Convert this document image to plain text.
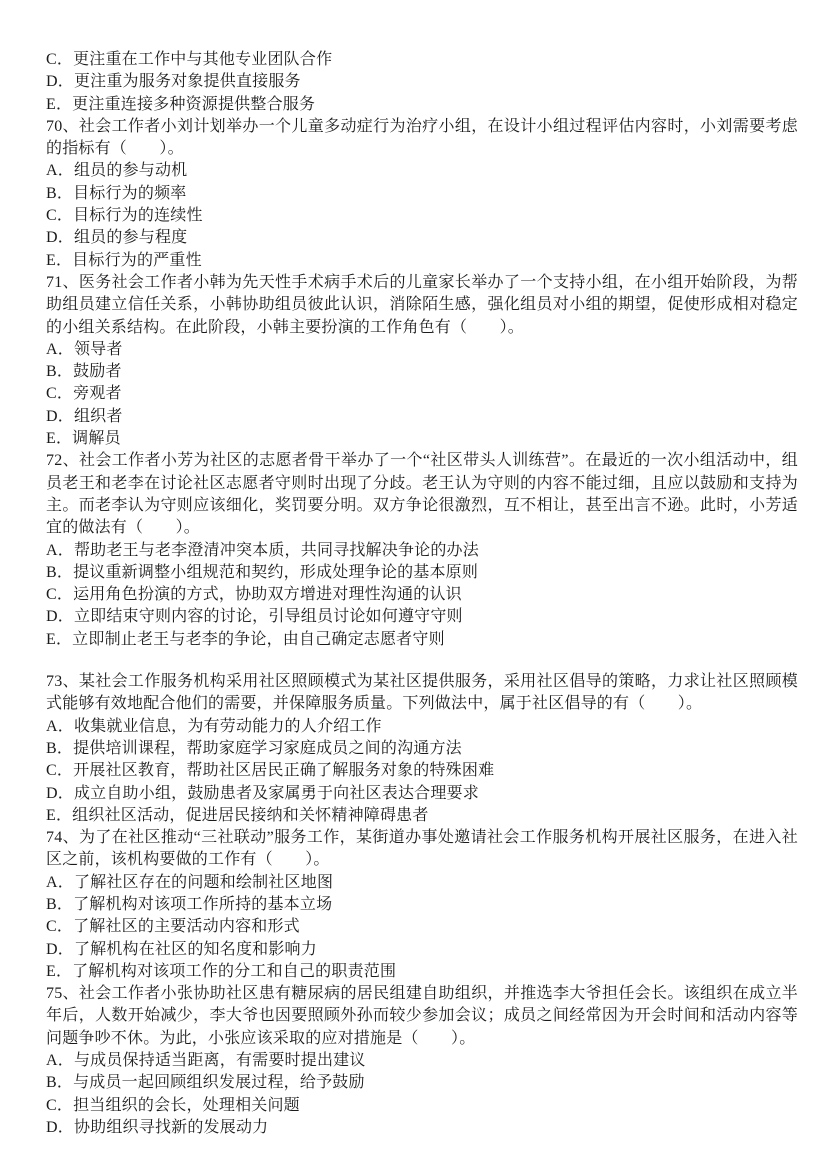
C．更注重在工作中与其他专业团队合作

D．更注重为服务对象提供直接服务

E．更注重连接多种资源提供整合服务

70、社会工作者小刘计划举办一个儿童多动症行为治疗小组，在设计小组过程评估内容时，小刘需要考虑的指标有（　　）。

A．组员的参与动机

B．目标行为的频率

C．目标行为的连续性

D．组员的参与程度

E．目标行为的严重性

71、医务社会工作者小韩为先天性手术病手术后的儿童家长举办了一个支持小组，在小组开始阶段，为帮助组员建立信任关系，小韩协助组员彼此认识，消除陌生感，强化组员对小组的期望，促使形成相对稳定的小组关系结构。在此阶段，小韩主要扮演的工作角色有（　　）。

A．领导者

B．鼓励者

C．旁观者

D．组织者

E．调解员

72、社会工作者小芳为社区的志愿者骨干举办了一个“社区带头人训练营”。在最近的一次小组活动中，组员老王和老李在讨论社区志愿者守则时出现了分歧。老王认为守则的内容不能过细，且应以鼓励和支持为主。而老李认为守则应该细化，奖罚要分明。双方争论很激烈，互不相让，甚至出言不逊。此时，小芳适宜的做法有（　　）。

A．帮助老王与老李澄清冲突本质，共同寻找解决争论的办法

B．提议重新调整小组规范和契约，形成处理争论的基本原则

C．运用角色扮演的方式，协助双方增进对理性沟通的认识

D．立即结束守则内容的讨论，引导组员讨论如何遵守守则

E．立即制止老王与老李的争论，由自己确定志愿者守则

73、某社会工作服务机构采用社区照顾模式为某社区提供服务，采用社区倡导的策略，力求让社区照顾模式能够有效地配合他们的需要，并保障服务质量。下列做法中，属于社区倡导的有（　　）。

A．收集就业信息，为有劳动能力的人介绍工作

B．提供培训课程，帮助家庭学习家庭成员之间的沟通方法

C．开展社区教育，帮助社区居民正确了解服务对象的特殊困难

D．成立自助小组，鼓励患者及家属勇于向社区表达合理要求

E．组织社区活动，促进居民接纳和关怀精神障碍患者

74、为了在社区推动“三社联动”服务工作，某街道办事处邀请社会工作服务机构开展社区服务，在进入社区之前，该机构要做的工作有（　　）。

A．了解社区存在的问题和绘制社区地图

B．了解机构对该项工作所持的基本立场

C．了解社区的主要活动内容和形式

D．了解机构在社区的知名度和影响力

E．了解机构对该项工作的分工和自己的职责范围

75、社会工作者小张协助社区患有糖尿病的居民组建自助组织，并推选李大爷担任会长。该组织在成立半年后，人数开始减少，李大爷也因要照顾外孙而较少参加会议；成员之间经常因为开会时间和活动内容等问题争吵不休。为此，小张应该采取的应对措施是（　　）。

A．与成员保持适当距离，有需要时提出建议

B．与成员一起回顾组织发展过程，给予鼓励

C．担当组织的会长，处理相关问题

D．协助组织寻找新的发展动力
